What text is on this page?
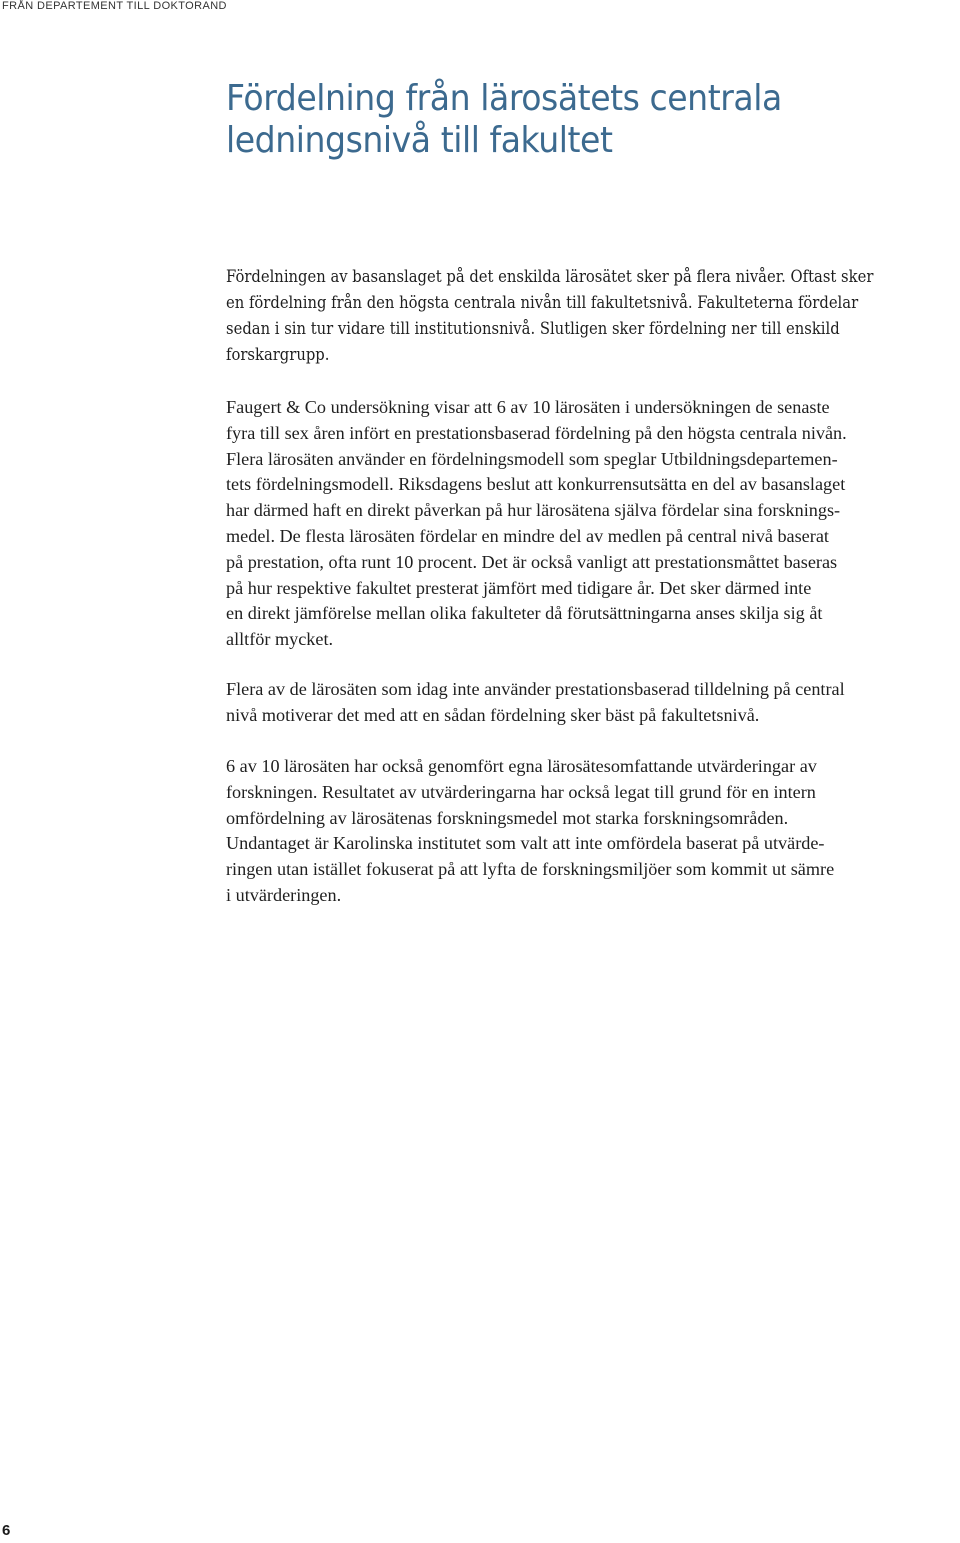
FRÅN DEPARTEMENT TILL DOKTORAND
Fördelning från lärosätets centrala
ledningsnivå till fakultet

Fördelningen av basanslaget på det enskilda lärosätet sker på flera nivåer. Oftast sker
en fördelning från den högsta centrala nivån till fakultetsnivå. Fakulteterna fördelar
sedan i sin tur vidare till institutionsnivå. Slutligen sker fördelning ner till enskild
forskargrupp.

Faugert & Co undersökning visar att 6 av 10 lärosäten i undersökningen de senaste
fyra till sex åren infört en prestationsbaserad fördelning på den högsta centrala nivån.
Flera lärosäten använder en fördelningsmodell som speglar Utbildningsdepartemen-
tets fördelningsmodell. Riksdagens beslut att konkurrensutsätta en del av basanslaget
har därmed haft en direkt påverkan på hur lärosätena själva fördelar sina forsknings-
medel. De flesta lärosäten fördelar en mindre del av medlen på central nivå baserat
på prestation, ofta runt 10 procent. Det är också vanligt att prestationsmåttet baseras
på hur respektive fakultet presterat jämfört med tidigare år. Det sker därmed inte
en direkt jämförelse mellan olika fakulteter då förutsättningarna anses skilja sig åt
alltför mycket.

Flera av de lärosäten som idag inte använder prestationsbaserad tilldelning på central
nivå motiverar det med att en sådan fördelning sker bäst på fakultetsnivå.

6 av 10 lärosäten har också genomfört egna lärosätesomfattande utvärderingar av
forskningen. Resultatet av utvärderingarna har också legat till grund för en intern
omfördelning av lärosätenas forskningsmedel mot starka forskningsområden.
Undantaget är Karolinska institutet som valt att inte omfördela baserat på utvärde-
ringen utan istället fokuserat på att lyfta de forskningsmiljöer som kommit ut sämre
i utvärderingen.

6
